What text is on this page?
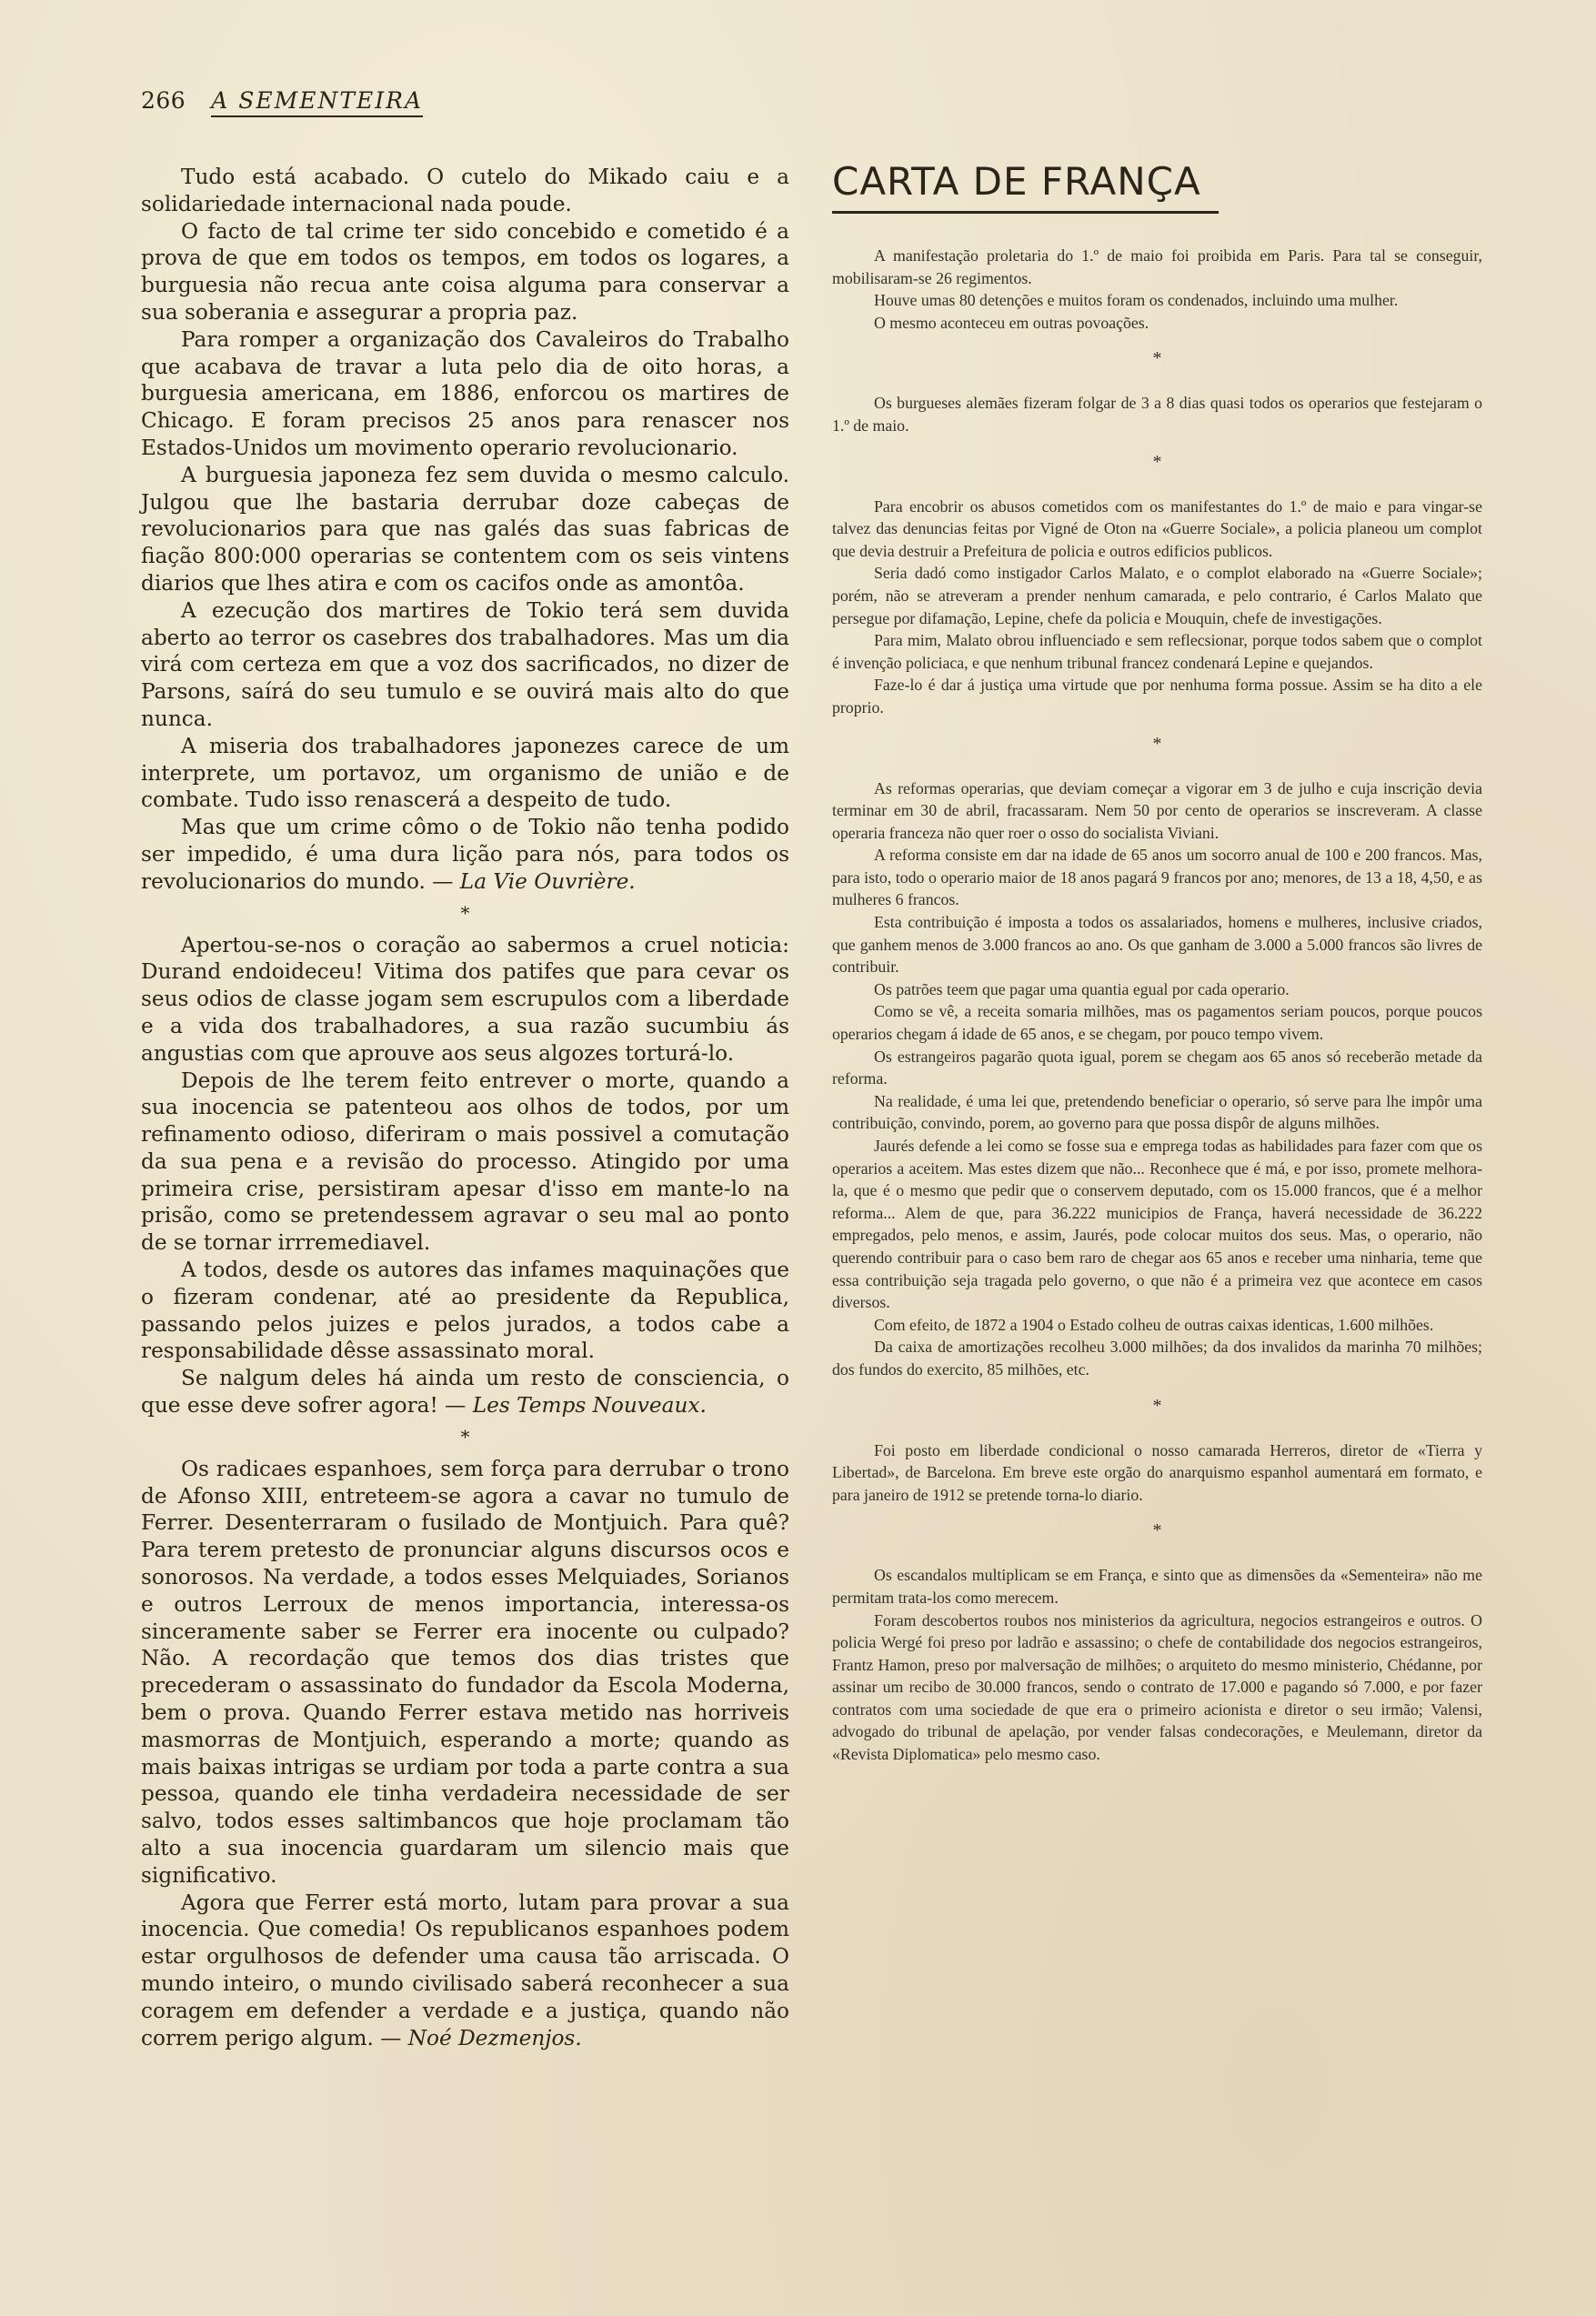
266 A SEMENTEIRA

Tudo está acabado. O cutelo do Mikado caiu e a solidariedade internacional nada poude.

O facto de tal crime ter sido concebido e cometido é a prova de que em todos os tempos, em todos os logares, a burguesia não recua ante coisa alguma para conservar a sua soberania e assegurar a propria paz.

Para romper a organização dos Cavaleiros do Trabalho que acabava de travar a luta pelo dia de oito horas, a burguesia americana, em 1886, enforcou os martires de Chicago. E foram precisos 25 anos para renascer nos Estados-Unidos um movimento operario revolucionario.

A burguesia japoneza fez sem duvida o mesmo calculo. Julgou que lhe bastaria derrubar doze cabeças de revolucionarios para que nas galés das suas fabricas de fiação 800:000 operarias se contentem com os seis vintens diarios que lhes atira e com os cacifos onde as amontôa.

A ezecução dos martires de Tokio terá sem duvida aberto ao terror os casebres dos trabalhadores. Mas um dia virá com certeza em que a voz dos sacrificados, no dizer de Parsons, saírá do seu tumulo e se ouvirá mais alto do que nunca.

A miseria dos trabalhadores japonezes carece de um interprete, um portavoz, um organismo de união e de combate. Tudo isso renascerá a despeito de tudo.

Mas que um crime cômo o de Tokio não tenha podido ser impedido, é uma dura lição para nós, para todos os revolucionarios do mundo. — La Vie Ouvrière.

*

Apertou-se-nos o coração ao sabermos a cruel noticia: Durand endoideceu! Vitima dos patifes que para cevar os seus odios de classe jogam sem escrupulos com a liberdade e a vida dos trabalhadores, a sua razão sucumbiu ás angustias com que aprouve aos seus algozes torturá-lo.

Depois de lhe terem feito entrever o morte, quando a sua inocencia se patenteou aos olhos de todos, por um refinamento odioso, diferiram o mais possivel a comutação da sua pena e a revisão do processo. Atingido por uma primeira crise, persistiram apesar d'isso em mante-lo na prisão, como se pretendessem agravar o seu mal ao ponto de se tornar irrremediavel.

A todos, desde os autores das infames maquinações que o fizeram condenar, até ao presidente da Republica, passando pelos juizes e pelos jurados, a todos cabe a responsabilidade dêsse assassinato moral.

Se nalgum deles há ainda um resto de consciencia, o que esse deve sofrer agora! — Les Temps Nouveaux.

*

Os radicaes espanhoes, sem força para derrubar o trono de Afonso XIII, entreteem-se agora a cavar no tumulo de Ferrer. Desenterraram o fusilado de Montjuich. Para quê? Para terem pretesto de pronunciar alguns discursos ocos e sonorosos. Na verdade, a todos esses Melquiades, Sorianos e outros Lerroux de menos importancia, interessa-os sinceramente saber se Ferrer era inocente ou culpado? Não. A recordação que temos dos dias tristes que precederam o assassinato do fundador da Escola Moderna, bem o prova. Quando Ferrer estava metido nas horriveis masmorras de Montjuich, esperando a morte; quando as mais baixas intrigas se urdiam por toda a parte contra a sua pessoa, quando ele tinha verdadeira necessidade de ser salvo, todos esses saltimbancos que hoje proclamam tão alto a sua inocencia guardaram um silencio mais que significativo.

Agora que Ferrer está morto, lutam para provar a sua inocencia. Que comedia! Os republicanos espanhoes podem estar orgulhosos de defender uma causa tão arriscada. O mundo inteiro, o mundo civilisado saberá reconhecer a sua coragem em defender a verdade e a justiça, quando não correm perigo algum. — Noé Dezmenjos.

CARTA DE FRANÇA

A manifestação proletaria do 1.º de maio foi proibida em Paris. Para tal se conseguir, mobilisaram-se 26 regimentos.

Houve umas 80 detenções e muitos foram os condenados, incluindo uma mulher.

O mesmo aconteceu em outras povoações.

*

Os burgueses alemães fizeram folgar de 3 a 8 dias quasi todos os operarios que festejaram o 1.º de maio.

*

Para encobrir os abusos cometidos com os manifestantes do 1.º de maio e para vingar-se talvez das denuncias feitas por Vigné de Oton na «Guerre Sociale», a policia planeou um complot que devia destruir a Prefeitura de policia e outros edificios publicos.

Seria dadó como instigador Carlos Malato, e o complot elaborado na «Guerre Sociale»; porém, não se atreveram a prender nenhum camarada, e pelo contrario, é Carlos Malato que persegue por difamação, Lepine, chefe da policia e Mouquin, chefe de investigações.

Para mim, Malato obrou influenciado e sem reflecsionar, porque todos sabem que o complot é invenção policiaca, e que nenhum tribunal francez condenará Lepine e quejandos.

Faze-lo é dar á justiça uma virtude que por nenhuma forma possue. Assim se ha dito a ele proprio.

*

As reformas operarias, que deviam começar a vigorar em 3 de julho e cuja inscrição devia terminar em 30 de abril, fracassaram. Nem 50 por cento de operarios se inscreveram. A classe operaria franceza não quer roer o osso do socialista Viviani.

A reforma consiste em dar na idade de 65 anos um socorro anual de 100 e 200 francos. Mas, para isto, todo o operario maior de 18 anos pagará 9 francos por ano; menores, de 13 a 18, 4,50, e as mulheres 6 francos.

Esta contribuição é imposta a todos os assalariados, homens e mulheres, inclusive criados, que ganhem menos de 3.000 francos ao ano. Os que ganham de 3.000 a 5.000 francos são livres de contribuir.

Os patrões teem que pagar uma quantia egual por cada operario.

Como se vê, a receita somaria milhões, mas os pagamentos seriam poucos, porque poucos operarios chegam á idade de 65 anos, e se chegam, por pouco tempo vivem.

Os estrangeiros pagarão quota igual, porem se chegam aos 65 anos só receberão metade da reforma.

Na realidade, é uma lei que, pretendendo beneficiar o operario, só serve para lhe impôr uma contribuição, convindo, porem, ao governo para que possa dispôr de alguns milhões.

Jaurés defende a lei como se fosse sua e emprega todas as habilidades para fazer com que os operarios a aceitem. Mas estes dizem que não... Reconhece que é má, e por isso, promete melhora-la, que é o mesmo que pedir que o conservem deputado, com os 15.000 francos, que é a melhor reforma... Alem de que, para 36.222 municipios de França, haverá necessidade de 36.222 empregados, pelo menos, e assim, Jaurés, pode colocar muitos dos seus. Mas, o operario, não querendo contribuir para o caso bem raro de chegar aos 65 anos e receber uma ninharia, teme que essa contribuição seja tragada pelo governo, o que não é a primeira vez que acontece em casos diversos.

Com efeito, de 1872 a 1904 o Estado colheu de outras caixas identicas, 1.600 milhões.

Da caixa de amortizações recolheu 3.000 milhões; da dos invalidos da marinha 70 milhões; dos fundos do exercito, 85 milhões, etc.

*

Foi posto em liberdade condicional o nosso camarada Herreros, diretor de «Tierra y Libertad», de Barcelona. Em breve este orgão do anarquismo espanhol aumentará em formato, e para janeiro de 1912 se pretende torna-lo diario.

*

Os escandalos multiplicam se em França, e sinto que as dimensões da «Sementeira» não me permitam trata-los como merecem.

Foram descobertos roubos nos ministerios da agricultura, negocios estrangeiros e outros. O policia Wergé foi preso por ladrão e assassino; o chefe de contabilidade dos negocios estrangeiros, Frantz Hamon, preso por malversação de milhões; o arquiteto do mesmo ministerio, Chédanne, por assinar um recibo de 30.000 francos, sendo o contrato de 17.000 e pagando só 7.000, e por fazer contratos com uma sociedade de que era o primeiro acionista e diretor o seu irmão; Valensi, advogado do tribunal de apelação, por vender falsas condecorações, e Meulemann, diretor da «Revista Diplomatica» pelo mesmo caso.
